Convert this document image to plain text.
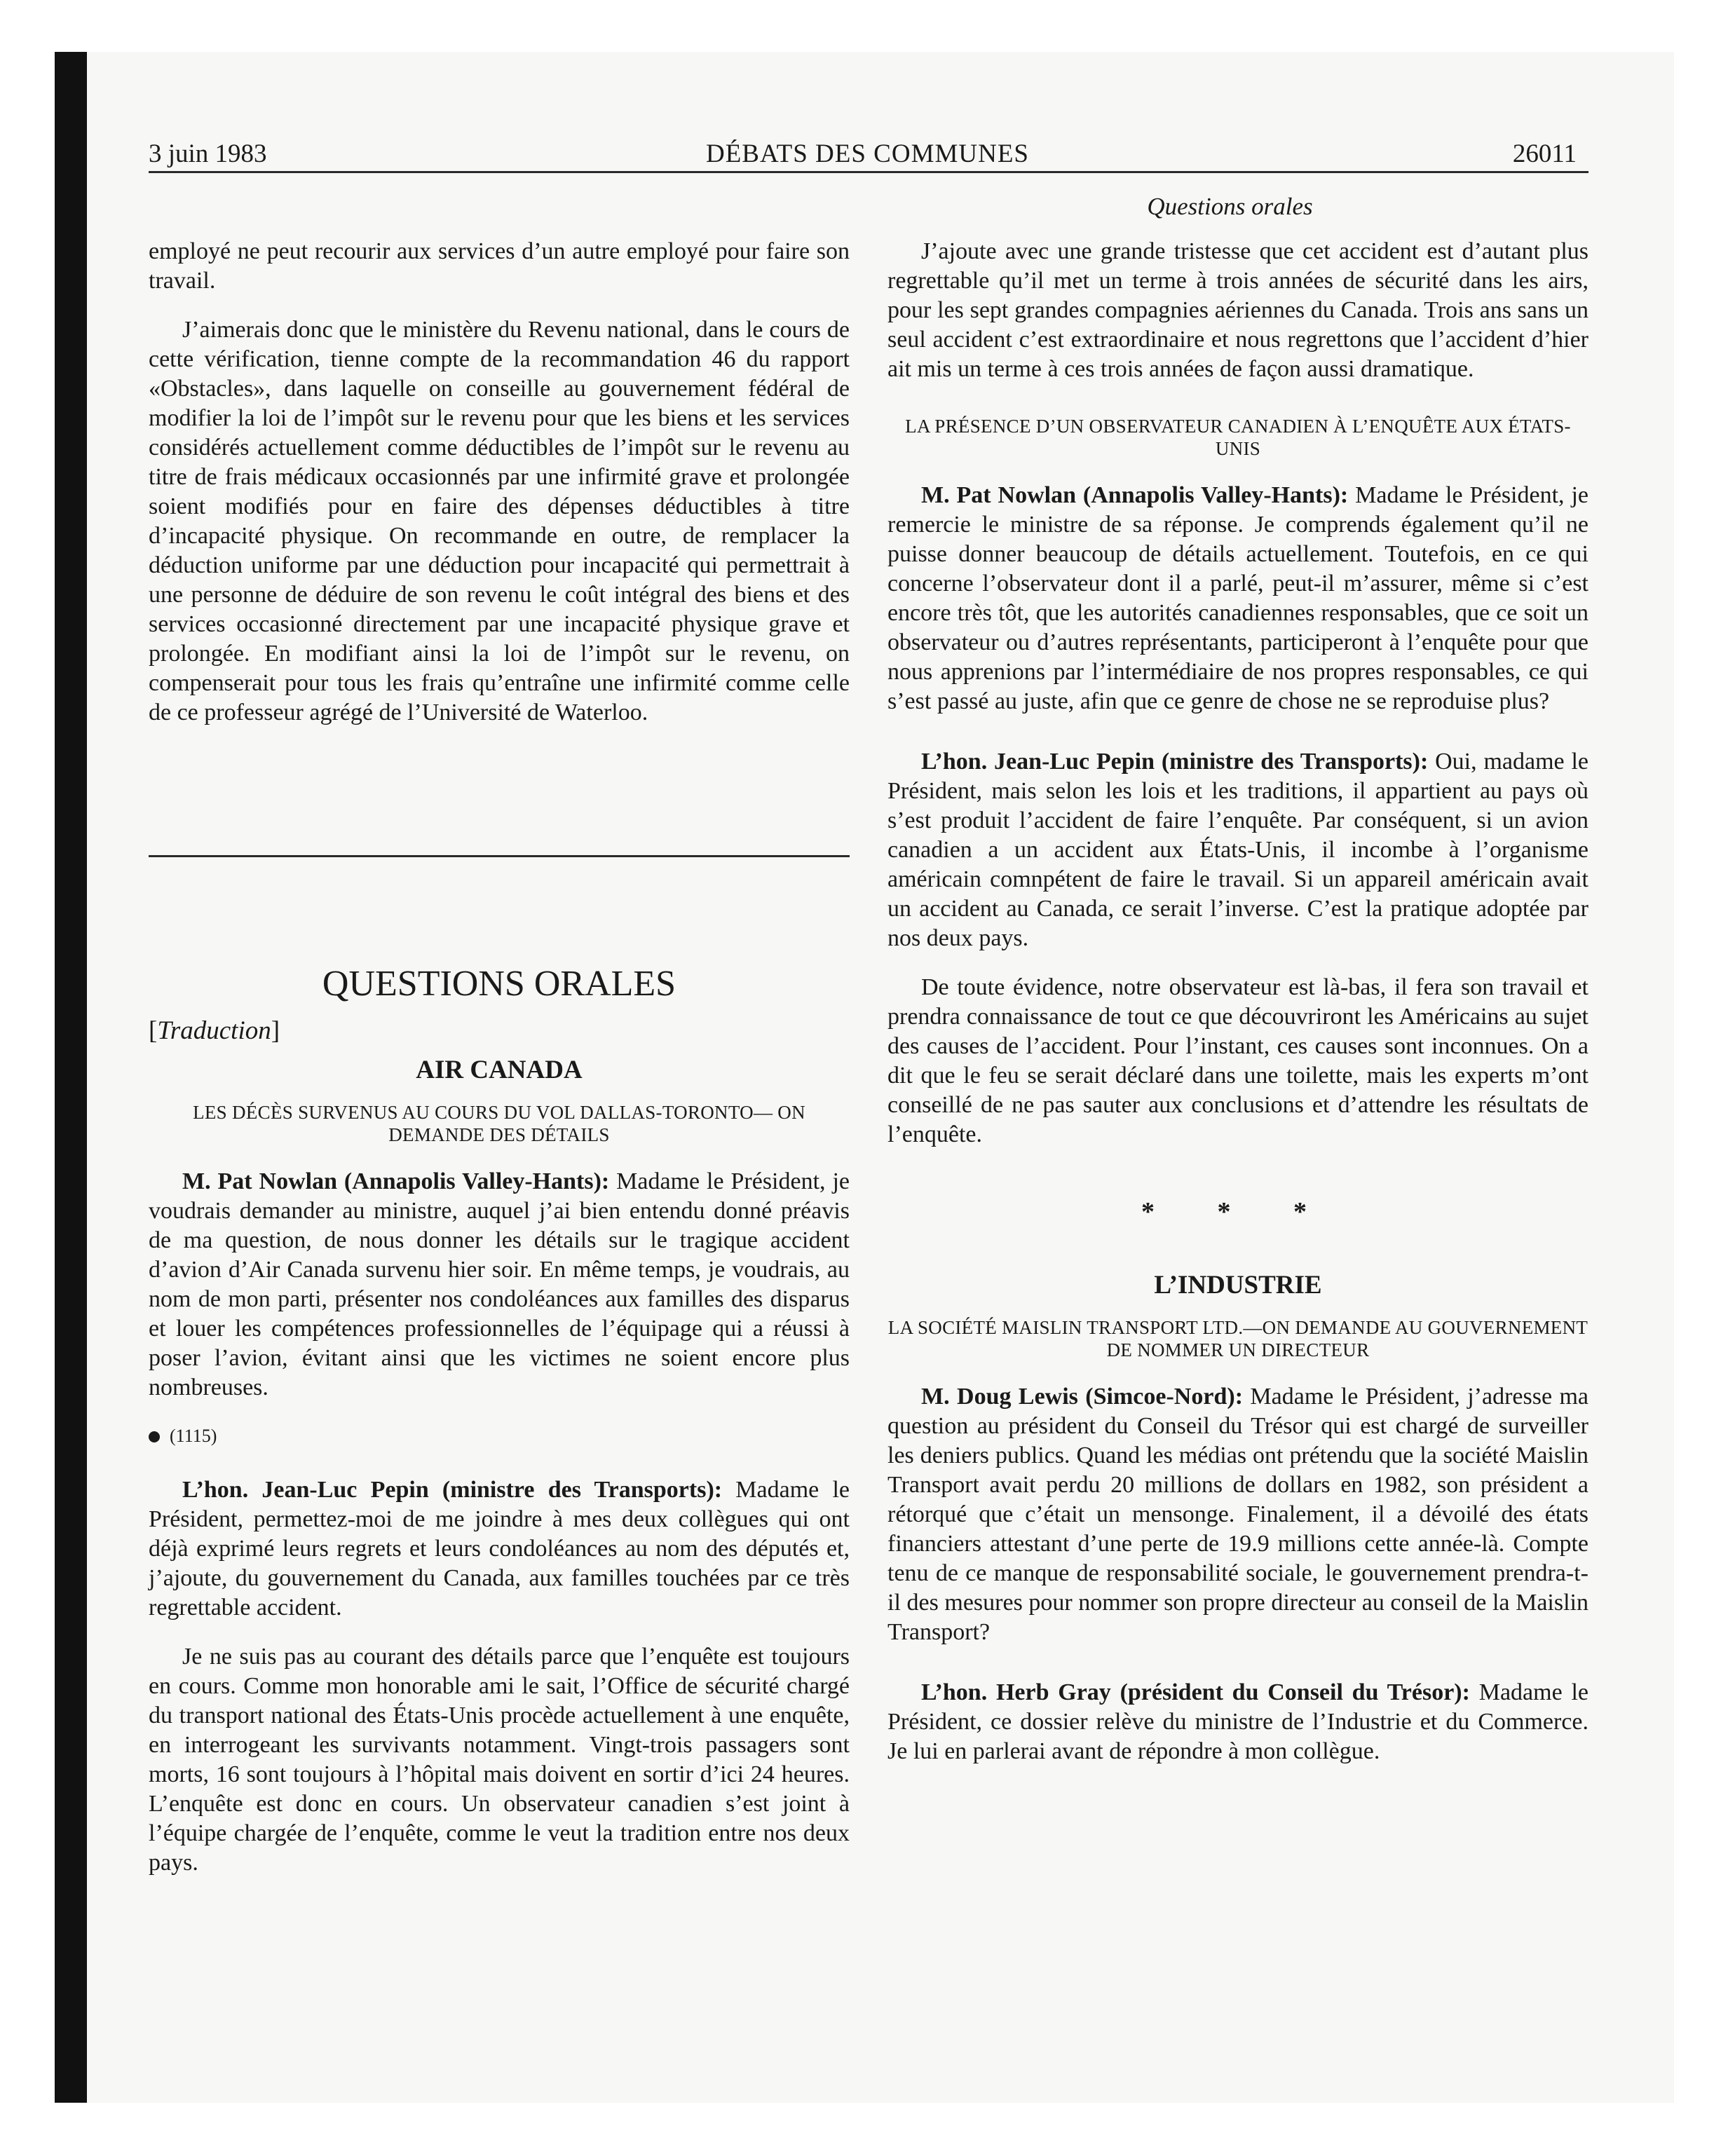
3 juin 1983	DÉBATS DES COMMUNES	26011
Questions orales

employé ne peut recourir aux services d’un autre employé pour faire son travail.

J’aimerais donc que le ministère du Revenu national, dans le cours de cette vérification, tienne compte de la recommandation 46 du rapport «Obstacles», dans laquelle on conseille au gouvernement fédéral de modifier la loi de l’impôt sur le revenu pour que les biens et les services considérés actuellement comme déductibles de l’impôt sur le revenu au titre de frais médicaux occasionnés par une infirmité grave et prolongée soient modifiés pour en faire des dépenses déductibles à titre d’incapacité physique. On recommande en outre, de remplacer la déduction uniforme par une déduction pour incapacité qui permettrait à une personne de déduire de son revenu le coût intégral des biens et des services occasionné directement par une incapacité physique grave et prolongée. En modifiant ainsi la loi de l’impôt sur le revenu, on compenserait pour tous les frais qu’entraîne une infirmité comme celle de ce professeur agrégé de l’Université de Waterloo.

QUESTIONS ORALES
[Traduction]
AIR CANADA
LES DÉCÈS SURVENUS AU COURS DU VOL DALLAS-TORONTO— ON DEMANDE DES DÉTAILS

M. Pat Nowlan (Annapolis Valley-Hants): Madame le Président, je voudrais demander au ministre, auquel j’ai bien entendu donné préavis de ma question, de nous donner les détails sur le tragique accident d’avion d’Air Canada survenu hier soir. En même temps, je voudrais, au nom de mon parti, présenter nos condoléances aux familles des disparus et louer les compétences professionnelles de l’équipage qui a réussi à poser l’avion, évitant ainsi que les victimes ne soient encore plus nombreuses.

(1115)

L’hon. Jean-Luc Pepin (ministre des Transports): Madame le Président, permettez-moi de me joindre à mes deux collègues qui ont déjà exprimé leurs regrets et leurs condoléances au nom des députés et, j’ajoute, du gouvernement du Canada, aux familles touchées par ce très regrettable accident.

Je ne suis pas au courant des détails parce que l’enquête est toujours en cours. Comme mon honorable ami le sait, l’Office de sécurité chargé du transport national des États-Unis procède actuellement à une enquête, en interrogeant les survivants notamment. Vingt-trois passagers sont morts, 16 sont toujours à l’hôpital mais doivent en sortir d’ici 24 heures. L’enquête est donc en cours. Un observateur canadien s’est joint à l’équipe chargée de l’enquête, comme le veut la tradition entre nos deux pays.

J’ajoute avec une grande tristesse que cet accident est d’autant plus regrettable qu’il met un terme à trois années de sécurité dans les airs, pour les sept grandes compagnies aériennes du Canada. Trois ans sans un seul accident c’est extraordinaire et nous regrettons que l’accident d’hier ait mis un terme à ces trois années de façon aussi dramatique.

LA PRÉSENCE D’UN OBSERVATEUR CANADIEN À L’ENQUÊTE AUX ÉTATS-UNIS

M. Pat Nowlan (Annapolis Valley-Hants): Madame le Président, je remercie le ministre de sa réponse. Je comprends également qu’il ne puisse donner beaucoup de détails actuellement. Toutefois, en ce qui concerne l’observateur dont il a parlé, peut-il m’assurer, même si c’est encore très tôt, que les autorités canadiennes responsables, que ce soit un observateur ou d’autres représentants, participeront à l’enquête pour que nous apprenions par l’intermédiaire de nos propres responsables, ce qui s’est passé au juste, afin que ce genre de chose ne se reproduise plus?

L’hon. Jean-Luc Pepin (ministre des Transports): Oui, madame le Président, mais selon les lois et les traditions, il appartient au pays où s’est produit l’accident de faire l’enquête. Par conséquent, si un avion canadien a un accident aux États-Unis, il incombe à l’organisme américain comnpétent de faire le travail. Si un appareil américain avait un accident au Canada, ce serait l’inverse. C’est la pratique adoptée par nos deux pays.

De toute évidence, notre observateur est là-bas, il fera son travail et prendra connaissance de tout ce que découvriront les Américains au sujet des causes de l’accident. Pour l’instant, ces causes sont inconnues. On a dit que le feu se serait déclaré dans une toilette, mais les experts m’ont conseillé de ne pas sauter aux conclusions et d’attendre les résultats de l’enquête.

* * *
L’INDUSTRIE
LA SOCIÉTÉ MAISLIN TRANSPORT LTD.—ON DEMANDE AU GOUVERNEMENT DE NOMMER UN DIRECTEUR

M. Doug Lewis (Simcoe-Nord): Madame le Président, j’adresse ma question au président du Conseil du Trésor qui est chargé de surveiller les deniers publics. Quand les médias ont prétendu que la société Maislin Transport avait perdu 20 millions de dollars en 1982, son président a rétorqué que c’était un mensonge. Finalement, il a dévoilé des états financiers attestant d’une perte de 19.9 millions cette année-là. Compte tenu de ce manque de responsabilité sociale, le gouvernement prendra-t-il des mesures pour nommer son propre directeur au conseil de la Maislin Transport?

L’hon. Herb Gray (président du Conseil du Trésor): Madame le Président, ce dossier relève du ministre de l’Industrie et du Commerce. Je lui en parlerai avant de répondre à mon collègue.
